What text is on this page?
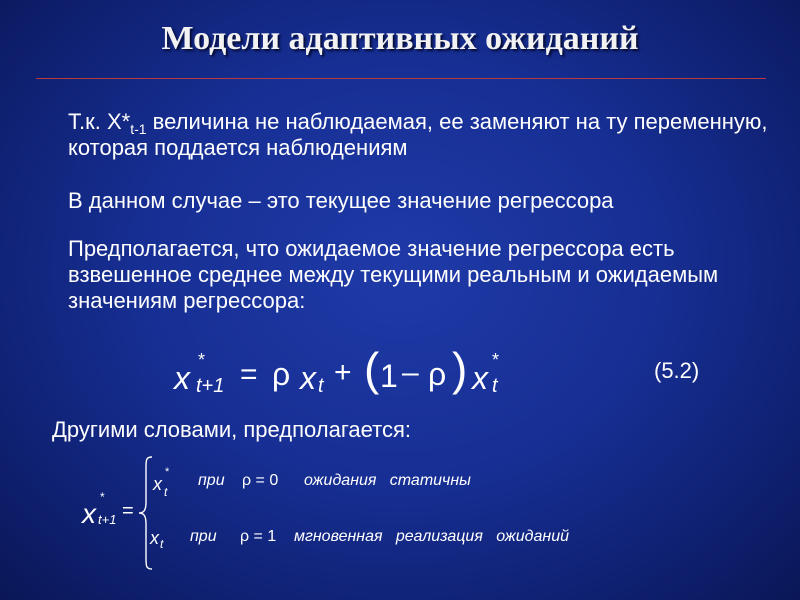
Модели адаптивных ожиданий
Т.к. $X*_{t-1}$ величина не наблюдаемая, ее заменяют на ту переменную, которая поддается наблюдениям
В данном случае – это текущее значение регрессора
Предполагается, что ожидаемое значение регрессора есть взвешенное среднее между текущими реальным и ожидаемым значениям регрессора:
x *
t+1 = ρ x t + ( 1 – ρ ) x *
t
(5.2)
Другими словами, предполагается:
x
*
t+1 =
x
*
t
при ρ = 0 ожидания   статичны
x t при ρ = 1 мгновенная   реализация   ожиданий
